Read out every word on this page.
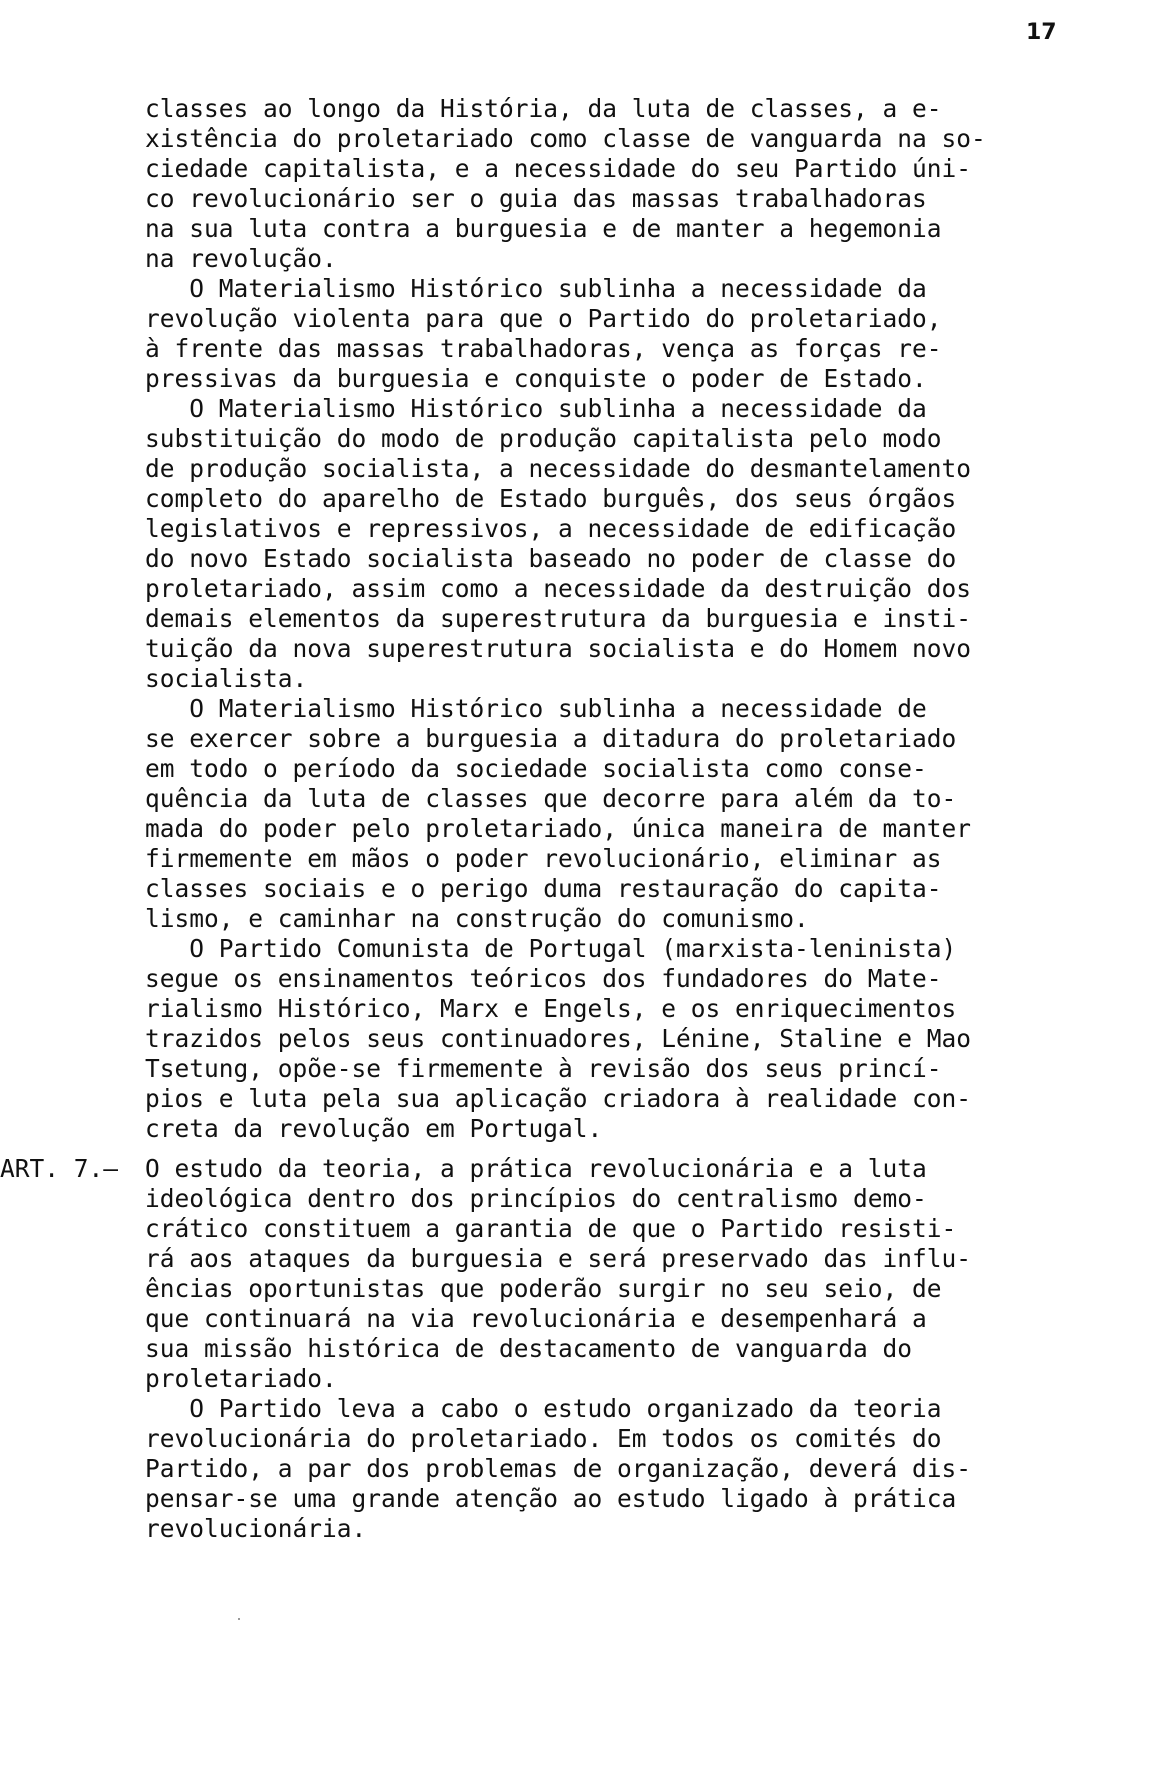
17
classes ao longo da História, da luta de classes, a e-
xistência do proletariado como classe de vanguarda na so-
ciedade capitalista, e a necessidade do seu Partido úni-
co revolucionário ser o guia das massas trabalhadoras
na sua luta contra a burguesia e de manter a hegemonia
na revolução.
O Materialismo Histórico sublinha a necessidade da
revolução violenta para que o Partido do proletariado,
à frente das massas trabalhadoras, vença as forças re-
pressivas da burguesia e conquiste o poder de Estado.
O Materialismo Histórico sublinha a necessidade da
substituição do modo de produção capitalista pelo modo
de produção socialista, a necessidade do desmantelamento
completo do aparelho de Estado burguês, dos seus órgãos
legislativos e repressivos, a necessidade de edificação
do novo Estado socialista baseado no poder de classe do
proletariado, assim como a necessidade da destruição dos
demais elementos da superestrutura da burguesia e insti-
tuição da nova superestrutura socialista e do Homem novo
socialista.
O Materialismo Histórico sublinha a necessidade de
se exercer sobre a burguesia a ditadura do proletariado
em todo o período da sociedade socialista como conse-
quência da luta de classes que decorre para além da to-
mada do poder pelo proletariado, única maneira de manter
firmemente em mãos o poder revolucionário, eliminar as
classes sociais e o perigo duma restauração do capita-
lismo, e caminhar na construção do comunismo.
O Partido Comunista de Portugal (marxista-leninista)
segue os ensinamentos teóricos dos fundadores do Mate-
rialismo Histórico, Marx e Engels, e os enriquecimentos
trazidos pelos seus continuadores, Lénine, Staline e Mao
Tsetung, opõe-se firmemente à revisão dos seus princí-
pios e luta pela sua aplicação criadora à realidade con-
creta da revolução em Portugal.
ART. 7.— O estudo da teoria, a prática revolucionária e a luta
ideológica dentro dos princípios do centralismo demo-
crático constituem a garantia de que o Partido resisti-
rá aos ataques da burguesia e será preservado das influ-
ências oportunistas que poderão surgir no seu seio, de
que continuará na via revolucionária e desempenhará a
sua missão histórica de destacamento de vanguarda do
proletariado.
O Partido leva a cabo o estudo organizado da teoria
revolucionária do proletariado. Em todos os comités do
Partido, a par dos problemas de organização, deverá dis-
pensar-se uma grande atenção ao estudo ligado à prática
revolucionária.
